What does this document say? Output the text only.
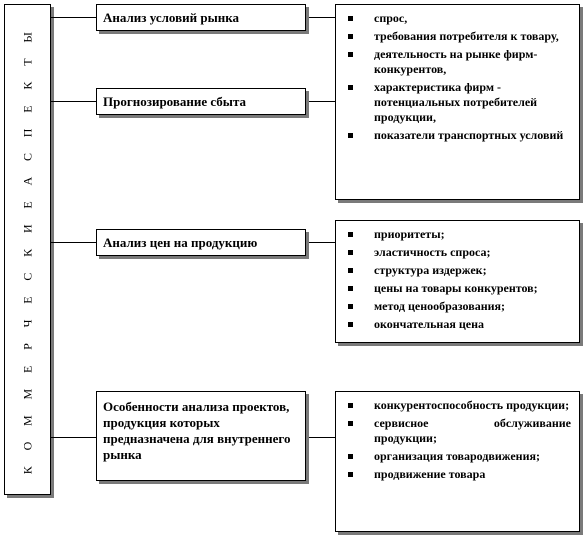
К О М М Е Р Ч Е С К И Е А С П Е К Т Ы
Анализ условий рынка
Прогнозирование сбыта
Анализ цен на продукцию
Особенности анализа проектов, продукция которых предназначена для внутреннего рынка
спрос,
требования потребителя к товару,
деятельность на рынке фирм-конкурентов,
характеристика фирм - потенциальных потребителей продукции,
показатели транспортных условий
приоритеты;
эластичность спроса;
структура издержек;
цены на товары конкурентов;
метод ценообразования;
окончательная цена
конкурентоспособность продукции;
сервисное обслуживание продукции;
организация товародвижения;
продвижение товара
